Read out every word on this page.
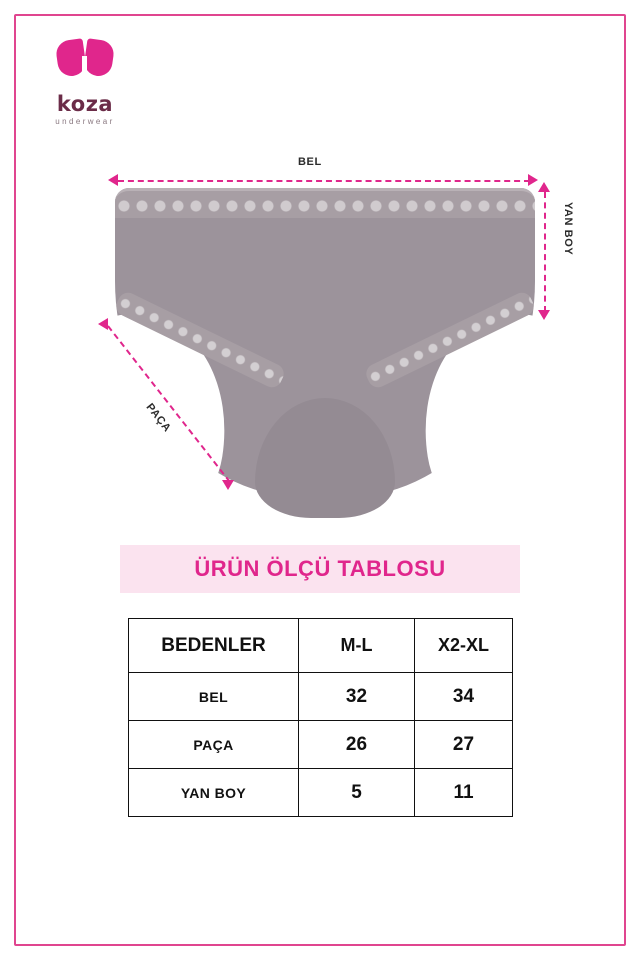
koza
underwear
BEL
YAN BOY
PAÇA
ÜRÜN ÖLÇÜ TABLOSU
BEDENLER	M-L	X2-XL
BEL	32	34
PAÇA	26	27
YAN BOY	5	11
